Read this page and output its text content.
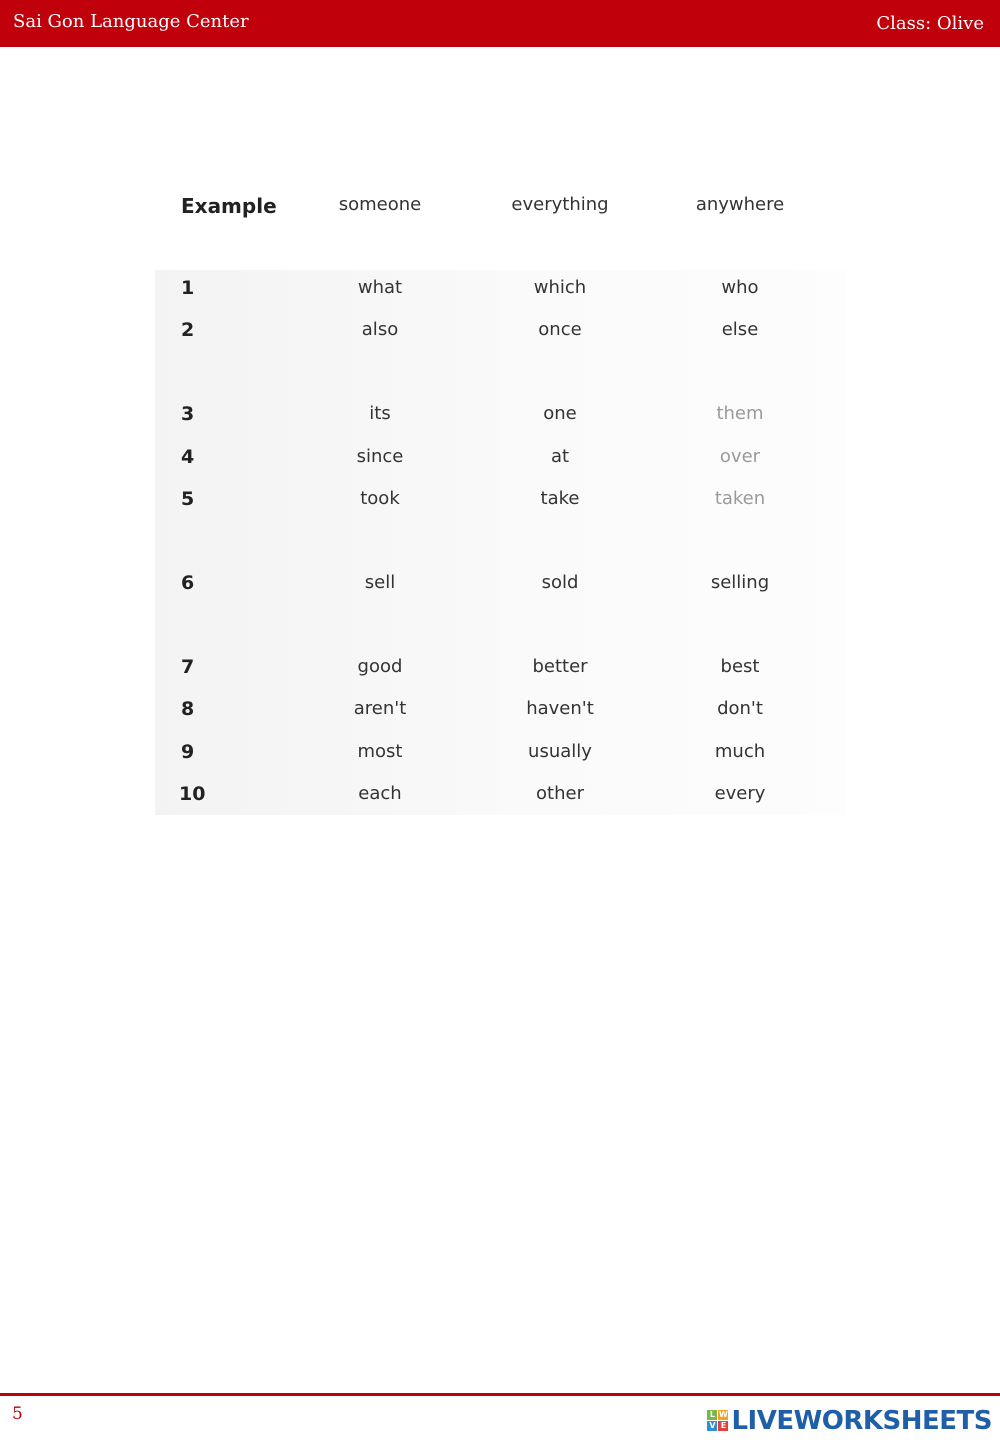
Sai Gon Language Center	Class: Olive
Example	someone	everything	anywhere
1	what	which	who
2	also	once	else
3	its	one	them
4	since	at	over
5	took	take	taken
6	sell	sold	selling
7	good	better	best
8	aren't	haven't	don't
9	most	usually	much
10	each	other	every
5	L W
V E LIVEWORKSHEETS
